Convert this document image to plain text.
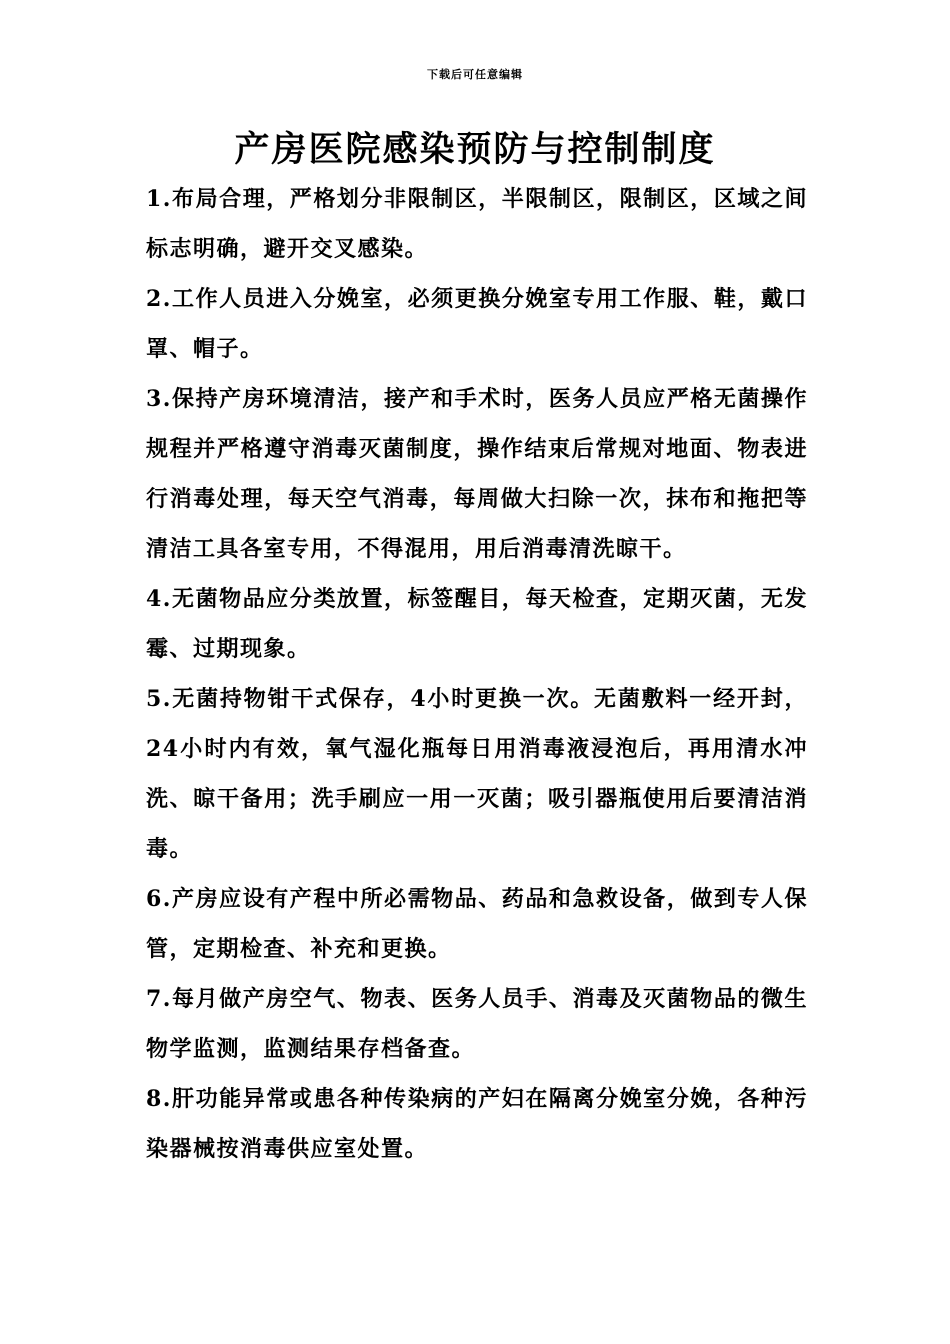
下载后可任意编辑
产房医院感染预防与控制制度

1.布局合理，严格划分非限制区，半限制区，限制区，区域之间标志明确，避开交叉感染。

2.工作人员进入分娩室，必须更换分娩室专用工作服、鞋，戴口罩、帽子。

3.保持产房环境清洁，接产和手术时，医务人员应严格无菌操作规程并严格遵守消毒灭菌制度，操作结束后常规对地面、物表进行消毒处理，每天空气消毒，每周做大扫除一次，抹布和拖把等清洁工具各室专用，不得混用，用后消毒清洗晾干。

4.无菌物品应分类放置，标签醒目，每天检查，定期灭菌，无发霉、过期现象。

5.无菌持物钳干式保存，4小时更换一次。无菌敷料一经开封，24小时内有效，氧气湿化瓶每日用消毒液浸泡后，再用清水冲洗、晾干备用；洗手刷应一用一灭菌；吸引器瓶使用后要清洁消毒。

6.产房应设有产程中所必需物品、药品和急救设备，做到专人保管，定期检查、补充和更换。

7.每月做产房空气、物表、医务人员手、消毒及灭菌物品的微生物学监测，监测结果存档备查。

8.肝功能异常或患各种传染病的产妇在隔离分娩室分娩，各种污染器械按消毒供应室处置。
